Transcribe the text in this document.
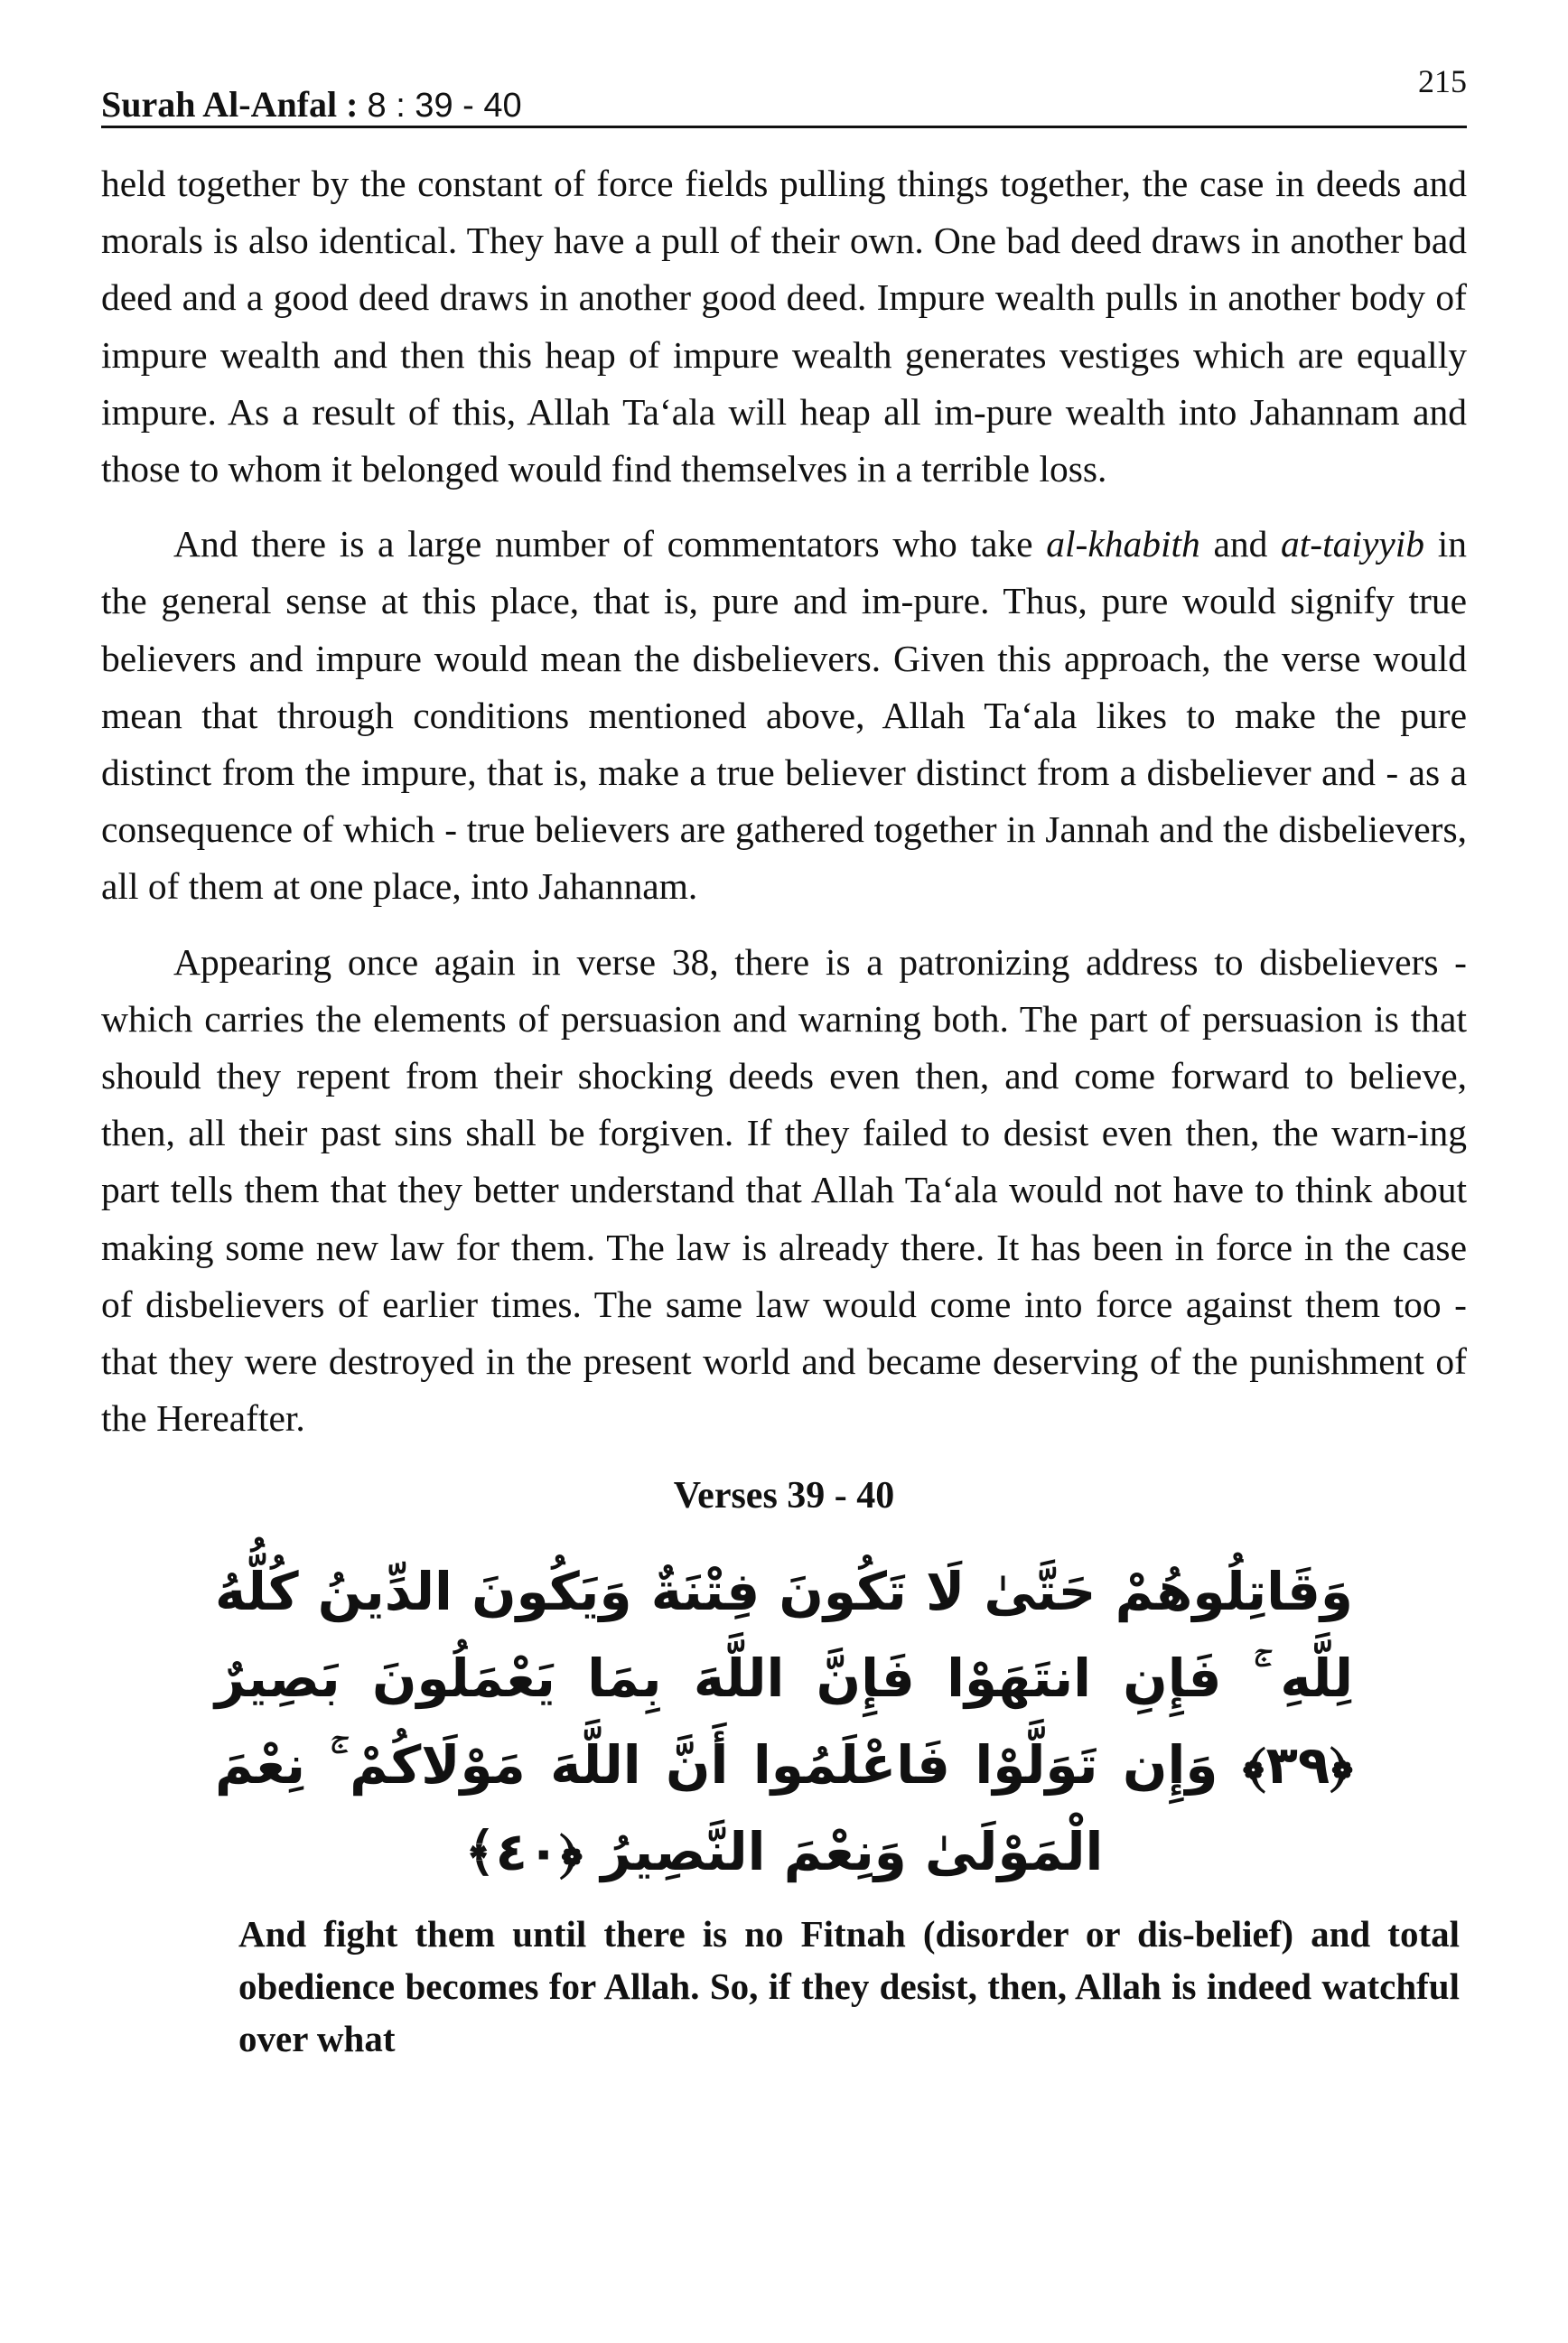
Surah Al-Anfal : 8 : 39 - 40
215

held together by the constant of force fields pulling things together, the case in deeds and morals is also identical. They have a pull of their own. One bad deed draws in another bad deed and a good deed draws in another good deed. Impure wealth pulls in another body of impure wealth and then this heap of impure wealth generates vestiges which are equally impure. As a result of this, Allah Ta‘ala will heap all im-pure wealth into Jahannam and those to whom it belonged would find themselves in a terrible loss.

And there is a large number of commentators who take al-khabith and at-taiyyib in the general sense at this place, that is, pure and im-pure. Thus, pure would signify true believers and impure would mean the disbelievers. Given this approach, the verse would mean that through conditions mentioned above, Allah Ta‘ala likes to make the pure distinct from the impure, that is, make a true believer distinct from a disbeliever and - as a consequence of which - true believers are gathered together in Jannah and the disbelievers, all of them at one place, into Jahannam.

Appearing once again in verse 38, there is a patronizing address to disbelievers - which carries the elements of persuasion and warning both. The part of persuasion is that should they repent from their shocking deeds even then, and come forward to believe, then, all their past sins shall be forgiven. If they failed to desist even then, the warn-ing part tells them that they better understand that Allah Ta‘ala would not have to think about making some new law for them. The law is already there. It has been in force in the case of disbelievers of earlier times. The same law would come into force against them too - that they were destroyed in the present world and became deserving of the punishment of the Hereafter.

Verses 39 - 40
وَقَاتِلُوهُمْ حَتَّىٰ لَا تَكُونَ فِتْنَةٌ وَيَكُونَ الدِّينُ كُلُّهُ لِلَّهِ ۚ فَإِنِ انتَهَوْا فَإِنَّ اللَّهَ بِمَا يَعْمَلُونَ بَصِيرٌ ﴿٣٩﴾ وَإِن تَوَلَّوْا فَاعْلَمُوا أَنَّ اللَّهَ مَوْلَاكُمْ ۚ نِعْمَ الْمَوْلَىٰ وَنِعْمَ النَّصِيرُ ﴿٤٠﴾

And fight them until there is no Fitnah (disorder or dis-belief) and total obedience becomes for Allah. So, if they desist, then, Allah is indeed watchful over what
